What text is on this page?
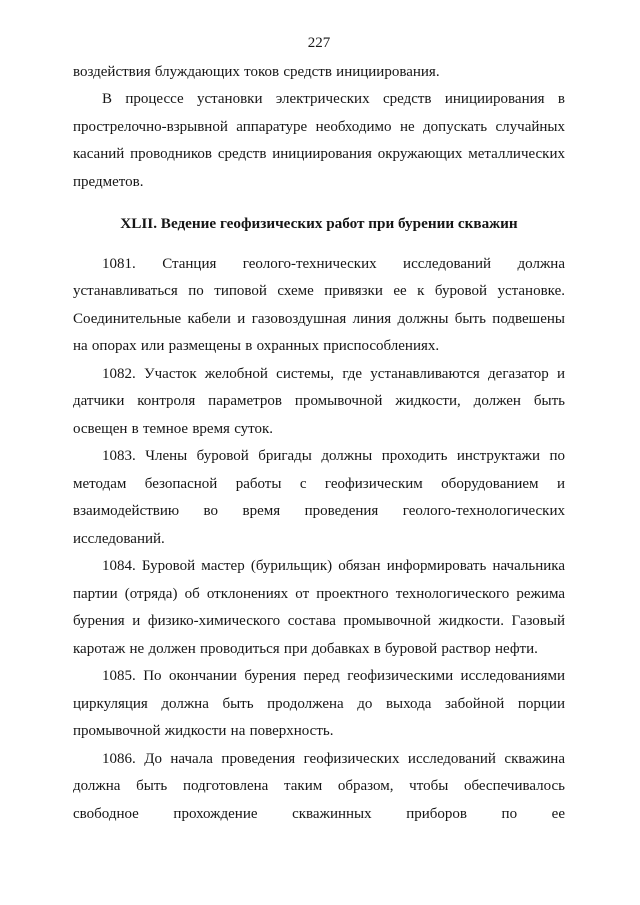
227

воздействия блуждающих токов средств инициирования.

В процессе установки электрических средств инициирования в прострелочно-взрывной аппаратуре необходимо не допускать случайных касаний проводников средств инициирования окружающих металлических предметов.

XLII. Ведение геофизических работ при бурении скважин

1081. Станция геолого-технических исследований должна устанавливаться по типовой схеме привязки ее к буровой установке. Соединительные кабели и газовоздушная линия должны быть подвешены на опорах или размещены в охранных приспособлениях.

1082. Участок желобной системы, где устанавливаются дегазатор и датчики контроля параметров промывочной жидкости, должен быть освещен в темное время суток.

1083. Члены буровой бригады должны проходить инструктажи по методам безопасной работы с геофизическим оборудованием и взаимодействию во время проведения геолого-технологических исследований.

1084. Буровой мастер (бурильщик) обязан информировать начальника партии (отряда) об отклонениях от проектного технологического режима бурения и физико-химического состава промывочной жидкости. Газовый каротаж не должен проводиться при добавках в буровой раствор нефти.

1085. По окончании бурения перед геофизическими исследованиями циркуляция должна быть продолжена до выхода забойной порции промывочной жидкости на поверхность.

1086. До начала проведения геофизических исследований скважина должна быть подготовлена таким образом, чтобы обеспечивалось свободное прохождение скважинных приборов по ее
